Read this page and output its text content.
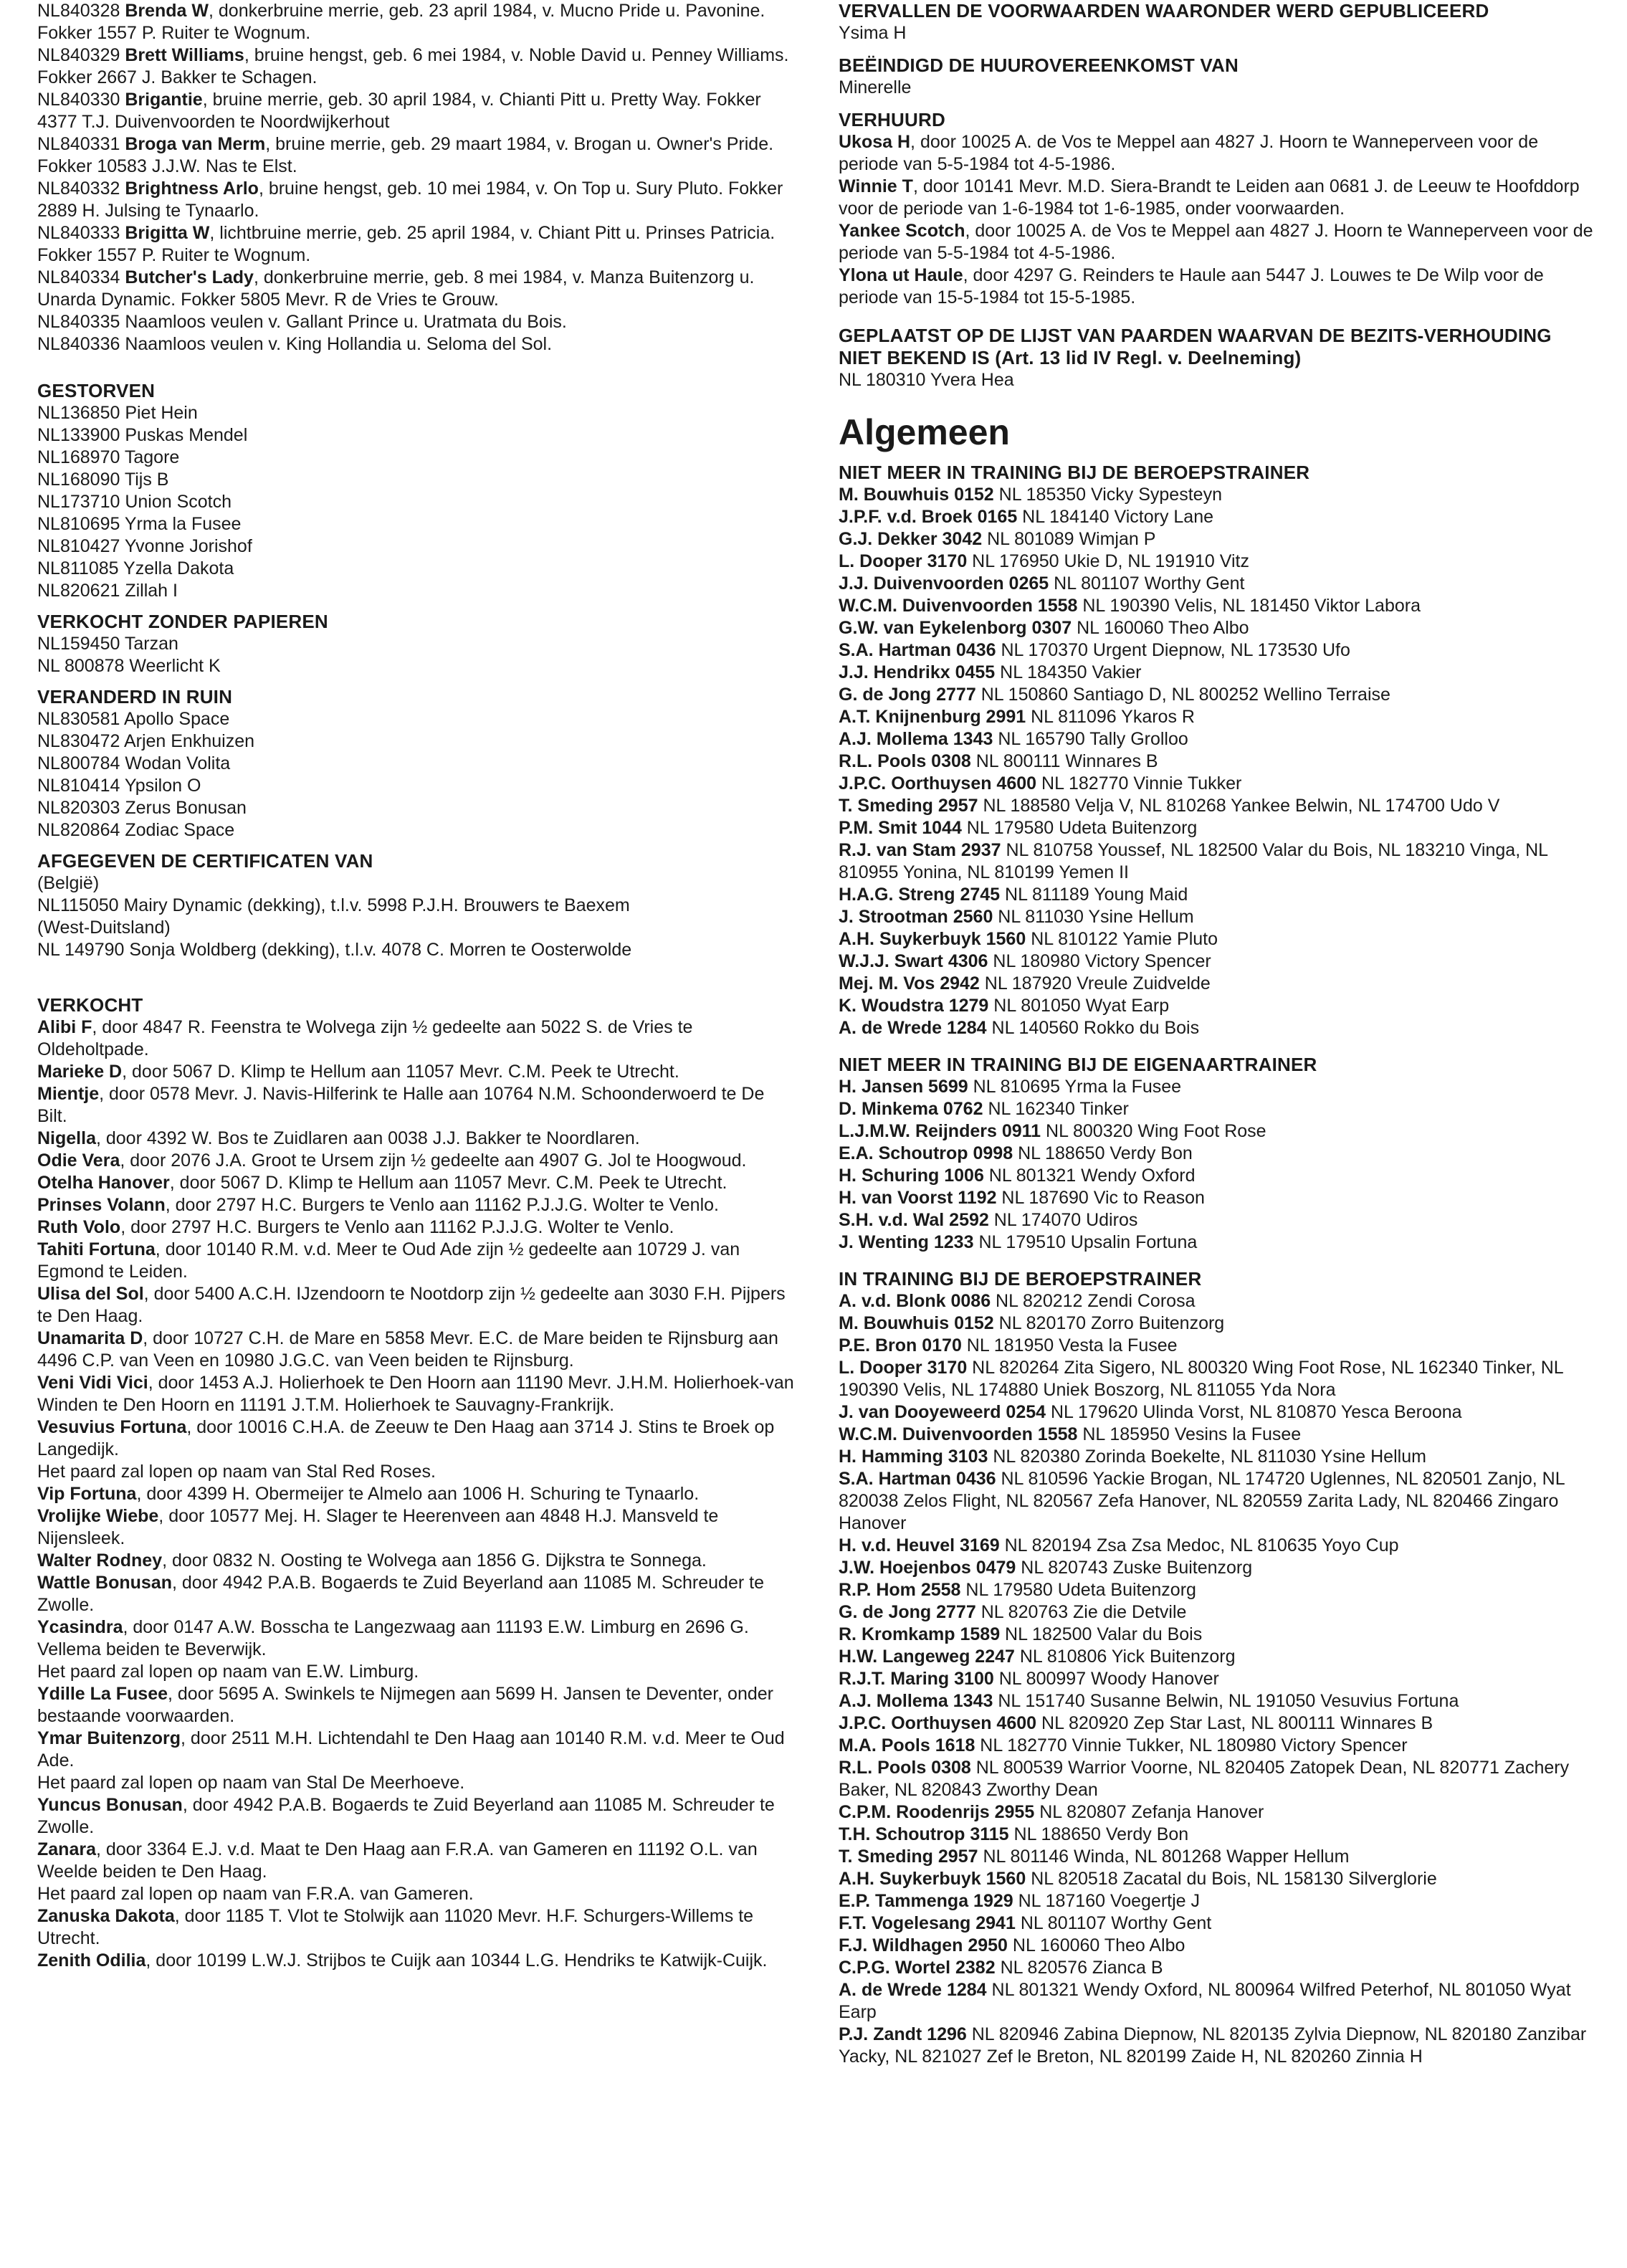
NL840328 Brenda W, donkerbruine merrie, geb. 23 april 1984, v. Mucno Pride u. Pavonine. Fokker 1557 P. Ruiter te Wognum.
NL840329 Brett Williams, bruine hengst, geb. 6 mei 1984, v. Noble David u. Penney Williams. Fokker 2667 J. Bakker te Schagen.
NL840330 Brigantie, bruine merrie, geb. 30 april 1984, v. Chianti Pitt u. Pretty Way. Fokker 4377 T.J. Duivenvoorden te Noordwijkerhout
NL840331 Broga van Merm, bruine merrie, geb. 29 maart 1984, v. Brogan u. Owner's Pride. Fokker 10583 J.J.W. Nas te Elst.
NL840332 Brightness Arlo, bruine hengst, geb. 10 mei 1984, v. On Top u. Sury Pluto. Fokker 2889 H. Julsing te Tynaarlo.
NL840333 Brigitta W, lichtbruine merrie, geb. 25 april 1984, v. Chiant Pitt u. Prinses Patricia. Fokker 1557 P. Ruiter te Wognum.
NL840334 Butcher's Lady, donkerbruine merrie, geb. 8 mei 1984, v. Manza Buitenzorg u. Unarda Dynamic. Fokker 5805 Mevr. R de Vries te Grouw.
NL840335 Naamloos veulen v. Gallant Prince u. Uratmata du Bois.
NL840336 Naamloos veulen v. King Hollandia u. Seloma del Sol.
GESTORVEN
NL136850 Piet Hein
NL133900 Puskas Mendel
NL168970 Tagore
NL168090 Tijs B
NL173710 Union Scotch
NL810695 Yrma la Fusee
NL810427 Yvonne Jorishof
NL811085 Yzella Dakota
NL820621 Zillah I
VERKOCHT ZONDER PAPIEREN
NL159450 Tarzan
NL 800878 Weerlicht K
VERANDERD IN RUIN
NL830581 Apollo Space
NL830472 Arjen Enkhuizen
NL800784 Wodan Volita
NL810414 Ypsilon O
NL820303 Zerus Bonusan
NL820864 Zodiac Space
AFGEGEVEN DE CERTIFICATEN VAN
(België)
NL115050 Mairy Dynamic (dekking), t.l.v. 5998 P.J.H. Brouwers te Baexem
(West-Duitsland)
NL 149790 Sonja Woldberg (dekking), t.l.v. 4078 C. Morren te Oosterwolde
VERKOCHT
Alibi F, door 4847 R. Feenstra te Wolvega zijn ½ gedeelte aan 5022 S. de Vries te Oldeholtpade.
Marieke D, door 5067 D. Klimp te Hellum aan 11057 Mevr. C.M. Peek te Utrecht.
Mientje, door 0578 Mevr. J. Navis-Hilferink te Halle aan 10764 N.M. Schoonderwoerd te De Bilt.
Nigella, door 4392 W. Bos te Zuidlaren aan 0038 J.J. Bakker te Noordlaren.
Odie Vera, door 2076 J.A. Groot te Ursem zijn ½ gedeelte aan 4907 G. Jol te Hoogwoud.
Otelha Hanover, door 5067 D. Klimp te Hellum aan 11057 Mevr. C.M. Peek te Utrecht.
Prinses Volann, door 2797 H.C. Burgers te Venlo aan 11162 P.J.J.G. Wolter te Venlo.
Ruth Volo, door 2797 H.C. Burgers te Venlo aan 11162 P.J.J.G. Wolter te Venlo.
Tahiti Fortuna, door 10140 R.M. v.d. Meer te Oud Ade zijn ½ gedeelte aan 10729 J. van Egmond te Leiden.
Ulisa del Sol, door 5400 A.C.H. IJzendoorn te Nootdorp zijn ½ gedeelte aan 3030 F.H. Pijpers te Den Haag.
Unamarita D, door 10727 C.H. de Mare en 5858 Mevr. E.C. de Mare beiden te Rijnsburg aan 4496 C.P. van Veen en 10980 J.G.C. van Veen beiden te Rijnsburg.
Veni Vidi Vici, door 1453 A.J. Holierhoek te Den Hoorn aan 11190 Mevr. J.H.M. Holierhoek-van Winden te Den Hoorn en 11191 J.T.M. Holierhoek te Sauvagny-Frankrijk.
Vesuvius Fortuna, door 10016 C.H.A. de Zeeuw te Den Haag aan 3714 J. Stins te Broek op Langedijk.
Het paard zal lopen op naam van Stal Red Roses.
Vip Fortuna, door 4399 H. Obermeijer te Almelo aan 1006 H. Schuring te Tynaarlo.
Vrolijke Wiebe, door 10577 Mej. H. Slager te Heerenveen aan 4848 H.J. Mansveld te Nijensleek.
Walter Rodney, door 0832 N. Oosting te Wolvega aan 1856 G. Dijkstra te Sonnega.
Wattle Bonusan, door 4942 P.A.B. Bogaerds te Zuid Beyerland aan 11085 M. Schreuder te Zwolle.
Ycasindra, door 0147 A.W. Bosscha te Langezwaag aan 11193 E.W. Limburg en 2696 G. Vellema beiden te Beverwijk.
Het paard zal lopen op naam van E.W. Limburg.
Ydille La Fusee, door 5695 A. Swinkels te Nijmegen aan 5699 H. Jansen te Deventer, onder bestaande voorwaarden.
Ymar Buitenzorg, door 2511 M.H. Lichtendahl te Den Haag aan 10140 R.M. v.d. Meer te Oud Ade.
Het paard zal lopen op naam van Stal De Meerhoeve.
Yuncus Bonusan, door 4942 P.A.B. Bogaerds te Zuid Beyerland aan 11085 M. Schreuder te Zwolle.
Zanara, door 3364 E.J. v.d. Maat te Den Haag aan F.R.A. van Gameren en 11192 O.L. van Weelde beiden te Den Haag.
Het paard zal lopen op naam van F.R.A. van Gameren.
Zanuska Dakota, door 1185 T. Vlot te Stolwijk aan 11020 Mevr. H.F. Schurgers-Willems te Utrecht.
Zenith Odilia, door 10199 L.W.J. Strijbos te Cuijk aan 10344 L.G. Hendriks te Katwijk-Cuijk.
VERVALLEN DE VOORWAARDEN WAARONDER WERD GEPUBLICEERD
Ysima H
BEËINDIGD DE HUUROVEREENKOMST VAN
Minerelle
VERHUURD
Ukosa H, door 10025 A. de Vos te Meppel aan 4827 J. Hoorn te Wanneperveen voor de periode van 5-5-1984 tot 4-5-1986.
Winnie T, door 10141 Mevr. M.D. Siera-Brandt te Leiden aan 0681 J. de Leeuw te Hoofddorp voor de periode van 1-6-1984 tot 1-6-1985, onder voorwaarden.
Yankee Scotch, door 10025 A. de Vos te Meppel aan 4827 J. Hoorn te Wanneperveen voor de periode van 5-5-1984 tot 4-5-1986.
Ylona ut Haule, door 4297 G. Reinders te Haule aan 5447 J. Louwes te De Wilp voor de periode van 15-5-1984 tot 15-5-1985.
GEPLAATST OP DE LIJST VAN PAARDEN WAARVAN DE BEZITS-VERHOUDING NIET BEKEND IS (Art. 13 lid IV Regl. v. Deelneming)
NL 180310 Yvera Hea
Algemeen
NIET MEER IN TRAINING BIJ DE BEROEPSTRAINER
M. Bouwhuis 0152 NL 185350 Vicky Sypesteyn
J.P.F. v.d. Broek 0165 NL 184140 Victory Lane
G.J. Dekker 3042 NL 801089 Wimjan P
L. Dooper 3170 NL 176950 Ukie D, NL 191910 Vitz
J.J. Duivenvoorden 0265 NL 801107 Worthy Gent
W.C.M. Duivenvoorden 1558 NL 190390 Velis, NL 181450 Viktor Labora
G.W. van Eykelenborg 0307 NL 160060 Theo Albo
S.A. Hartman 0436 NL 170370 Urgent Diepnow, NL 173530 Ufo
J.J. Hendrikx 0455 NL 184350 Vakier
G. de Jong 2777 NL 150860 Santiago D, NL 800252 Wellino Terraise
A.T. Knijnenburg 2991 NL 811096 Ykaros R
A.J. Mollema 1343 NL 165790 Tally Grolloo
R.L. Pools 0308 NL 800111 Winnares B
J.P.C. Oorthuysen 4600 NL 182770 Vinnie Tukker
T. Smeding 2957 NL 188580 Velja V, NL 810268 Yankee Belwin, NL 174700 Udo V
P.M. Smit 1044 NL 179580 Udeta Buitenzorg
R.J. van Stam 2937 NL 810758 Youssef, NL 182500 Valar du Bois, NL 183210 Vinga, NL 810955 Yonina, NL 810199 Yemen II
H.A.G. Streng 2745 NL 811189 Young Maid
J. Strootman 2560 NL 811030 Ysine Hellum
A.H. Suykerbuyk 1560 NL 810122 Yamie Pluto
W.J.J. Swart 4306 NL 180980 Victory Spencer
Mej. M. Vos 2942 NL 187920 Vreule Zuidvelde
K. Woudstra 1279 NL 801050 Wyat Earp
A. de Wrede 1284 NL 140560 Rokko du Bois
NIET MEER IN TRAINING BIJ DE EIGENAARTRAINER
H. Jansen 5699 NL 810695 Yrma la Fusee
D. Minkema 0762 NL 162340 Tinker
L.J.M.W. Reijnders 0911 NL 800320 Wing Foot Rose
E.A. Schoutrop 0998 NL 188650 Verdy Bon
H. Schuring 1006 NL 801321 Wendy Oxford
H. van Voorst 1192 NL 187690 Vic to Reason
S.H. v.d. Wal 2592 NL 174070 Udiros
J. Wenting 1233 NL 179510 Upsalin Fortuna
IN TRAINING BIJ DE BEROEPSTRAINER
A. v.d. Blonk 0086 NL 820212 Zendi Corosa
M. Bouwhuis 0152 NL 820170 Zorro Buitenzorg
P.E. Bron 0170 NL 181950 Vesta la Fusee
L. Dooper 3170 NL 820264 Zita Sigero, NL 800320 Wing Foot Rose, NL 162340 Tinker, NL 190390 Velis, NL 174880 Uniek Boszorg, NL 811055 Yda Nora
J. van Dooyeweerd 0254 NL 179620 Ulinda Vorst, NL 810870 Yesca Beroona
W.C.M. Duivenvoorden 1558 NL 185950 Vesins la Fusee
H. Hamming 3103 NL 820380 Zorinda Boekelte, NL 811030 Ysine Hellum
S.A. Hartman 0436 NL 810596 Yackie Brogan, NL 174720 Uglennes, NL 820501 Zanjo, NL 820038 Zelos Flight, NL 820567 Zefa Hanover, NL 820559 Zarita Lady, NL 820466 Zingaro Hanover
H. v.d. Heuvel 3169 NL 820194 Zsa Zsa Medoc, NL 810635 Yoyo Cup
J.W. Hoejenbos 0479 NL 820743 Zuske Buitenzorg
R.P. Hom 2558 NL 179580 Udeta Buitenzorg
G. de Jong 2777 NL 820763 Zie die Detvile
R. Kromkamp 1589 NL 182500 Valar du Bois
H.W. Langeweg 2247 NL 810806 Yick Buitenzorg
R.J.T. Maring 3100 NL 800997 Woody Hanover
A.J. Mollema 1343 NL 151740 Susanne Belwin, NL 191050 Vesuvius Fortuna
J.P.C. Oorthuysen 4600 NL 820920 Zep Star Last, NL 800111 Winnares B
M.A. Pools 1618 NL 182770 Vinnie Tukker, NL 180980 Victory Spencer
R.L. Pools 0308 NL 800539 Warrior Voorne, NL 820405 Zatopek Dean, NL 820771 Zachery Baker, NL 820843 Zworthy Dean
C.P.M. Roodenrijs 2955 NL 820807 Zefanja Hanover
T.H. Schoutrop 3115 NL 188650 Verdy Bon
T. Smeding 2957 NL 801146 Winda, NL 801268 Wapper Hellum
A.H. Suykerbuyk 1560 NL 820518 Zacatal du Bois, NL 158130 Silverglorie
E.P. Tammenga 1929 NL 187160 Voegertje J
F.T. Vogelesang 2941 NL 801107 Worthy Gent
F.J. Wildhagen 2950 NL 160060 Theo Albo
C.P.G. Wortel 2382 NL 820576 Zianca B
A. de Wrede 1284 NL 801321 Wendy Oxford, NL 800964 Wilfred Peterhof, NL 801050 Wyat Earp
P.J. Zandt 1296 NL 820946 Zabina Diepnow, NL 820135 Zylvia Diepnow, NL 820180 Zanzibar Yacky, NL 821027 Zef le Breton, NL 820199 Zaide H, NL 820260 Zinnia H
